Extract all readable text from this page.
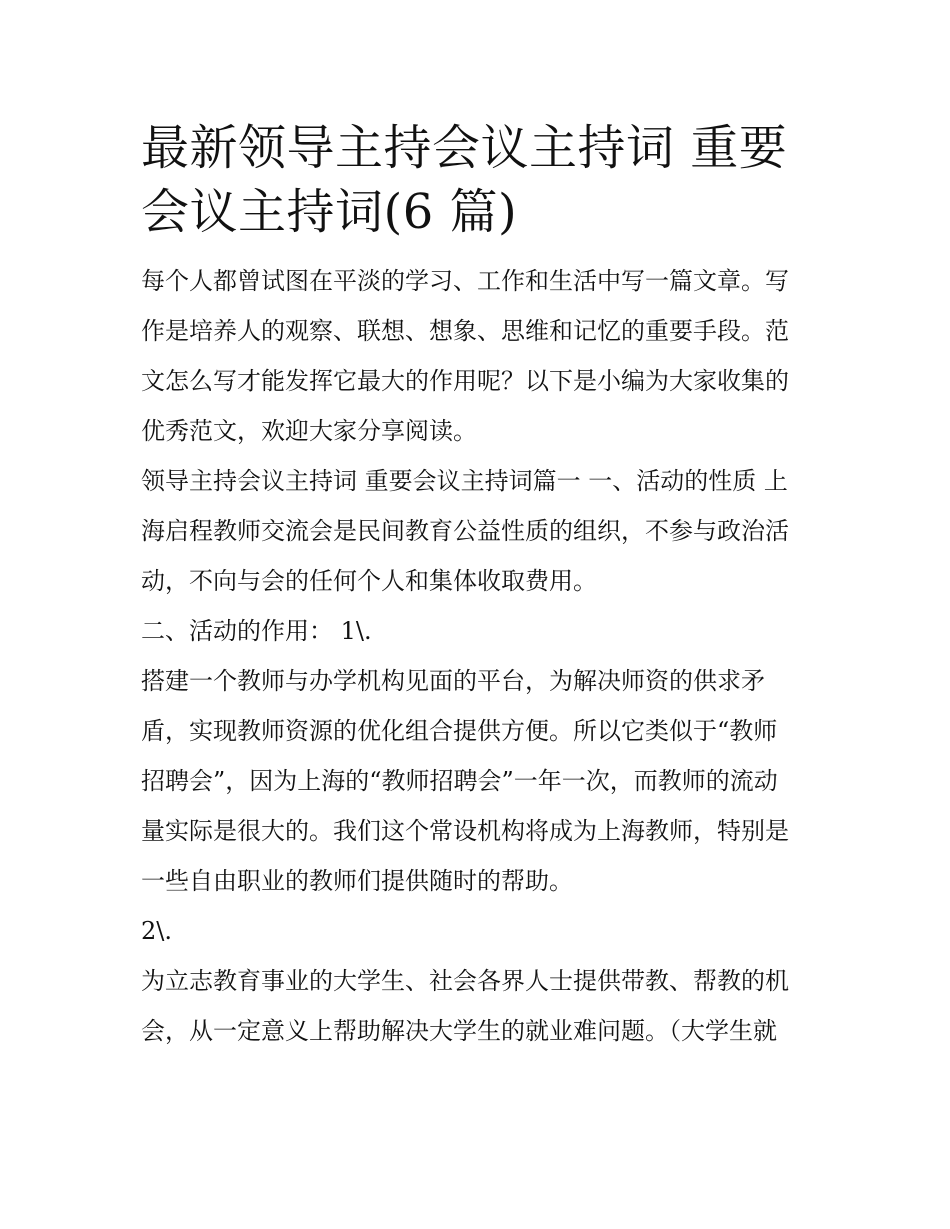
最新领导主持会议主持词 重要
会议主持词(6 篇)

每个人都曾试图在平淡的学习、工作和生活中写一篇文章。写
作是培养人的观察、联想、想象、思维和记忆的重要手段。范
文怎么写才能发挥它最大的作用呢？以下是小编为大家收集的
优秀范文，欢迎大家分享阅读。

领导主持会议主持词 重要会议主持词篇一 一、活动的性质 上
海启程教师交流会是民间教育公益性质的组织，不参与政治活
动，不向与会的任何个人和集体收取费用。

二、活动的作用： 1\.

搭建一个教师与办学机构见面的平台，为解决师资的供求矛
盾，实现教师资源的优化组合提供方便。所以它类似于“教师
招聘会”，因为上海的“教师招聘会”一年一次，而教师的流动
量实际是很大的。我们这个常设机构将成为上海教师，特别是
一些自由职业的教师们提供随时的帮助。

2\.

为立志教育事业的大学生、社会各界人士提供带教、帮教的机
会，从一定意义上帮助解决大学生的就业难问题。（大学生就
